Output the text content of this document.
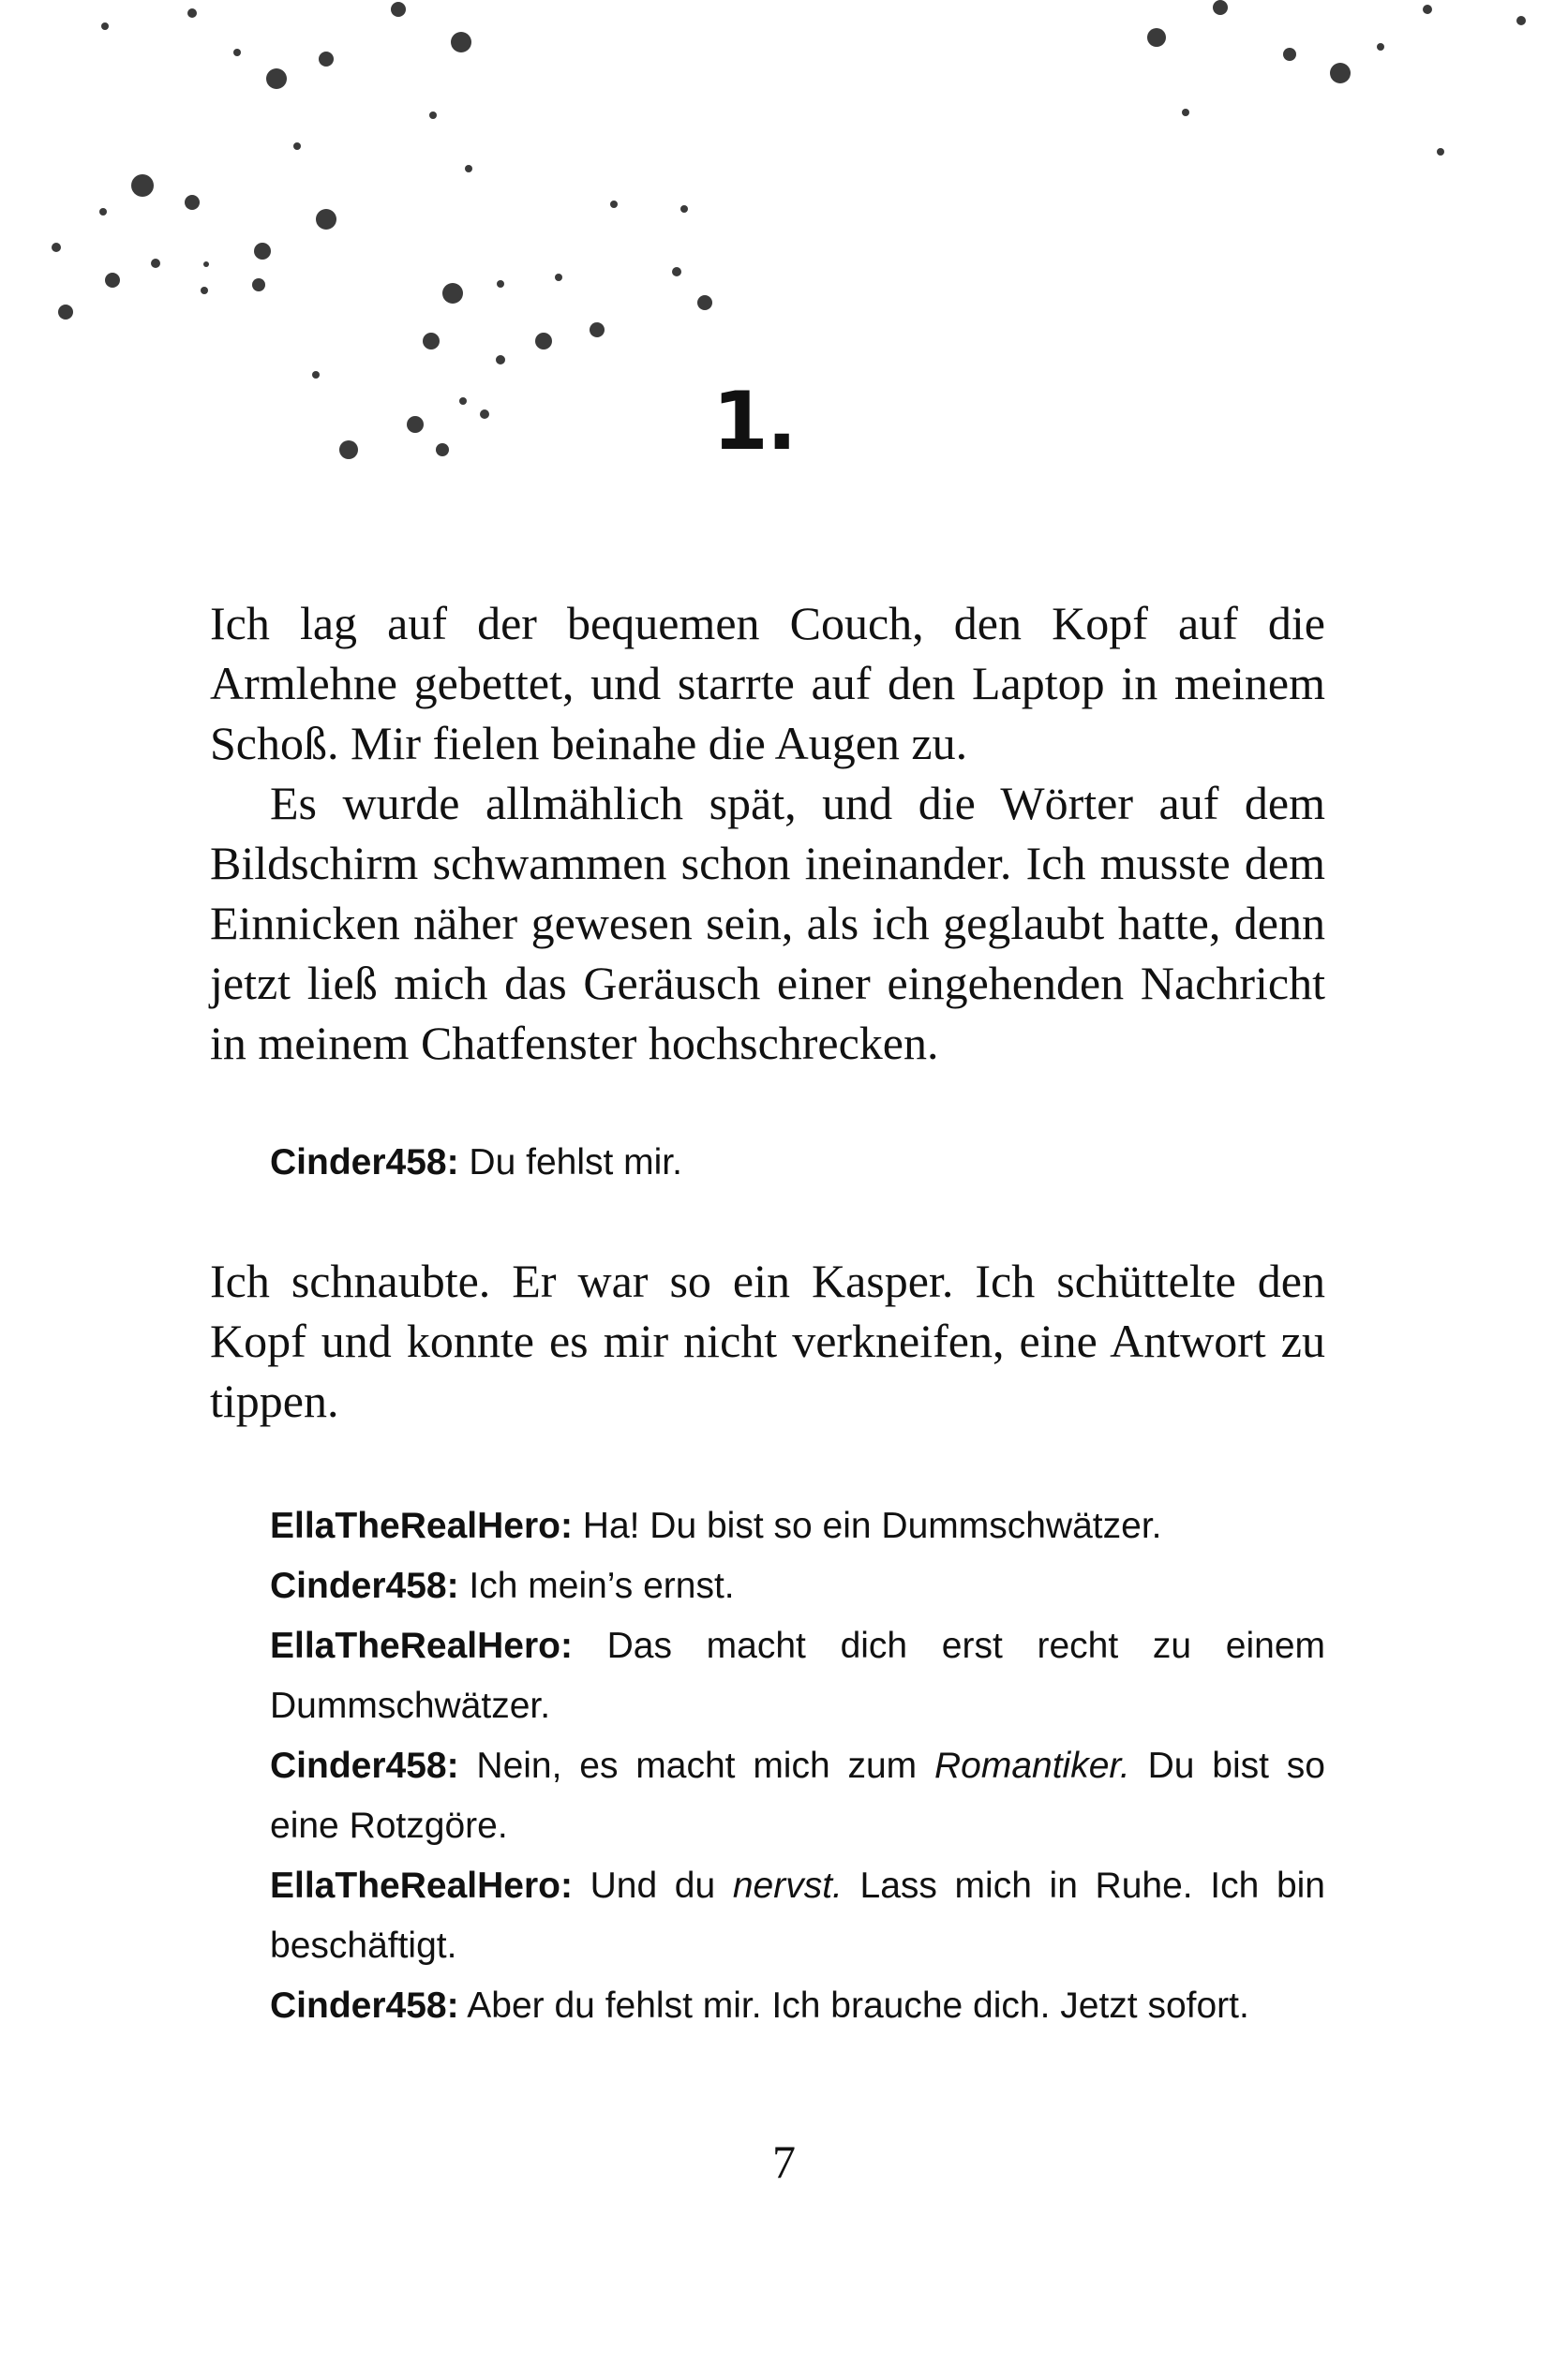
1.

Ich lag auf der bequemen Couch, den Kopf auf die Armlehne gebettet, und starrte auf den Laptop in meinem Schoß. Mir fielen beinahe die Augen zu.

Es wurde allmählich spät, und die Wörter auf dem Bildschirm schwammen schon ineinander. Ich musste dem Einnicken näher gewesen sein, als ich geglaubt hatte, denn jetzt ließ mich das Geräusch einer eingehenden Nachricht in meinem Chatfenster hochschrecken.

Cinder458: Du fehlst mir.

Ich schnaubte. Er war so ein Kasper. Ich schüttelte den Kopf und konnte es mir nicht verkneifen, eine Antwort zu tippen.

EllaTheRealHero: Ha! Du bist so ein Dummschwätzer.

Cinder458: Ich mein’s ernst.

EllaTheRealHero: Das macht dich erst recht zu einem Dummschwätzer.

Cinder458: Nein, es macht mich zum Romantiker. Du bist so eine Rotzgöre.

EllaTheRealHero: Und du nervst. Lass mich in Ruhe. Ich bin beschäftigt.

Cinder458: Aber du fehlst mir. Ich brauche dich. Jetzt sofort.

7
